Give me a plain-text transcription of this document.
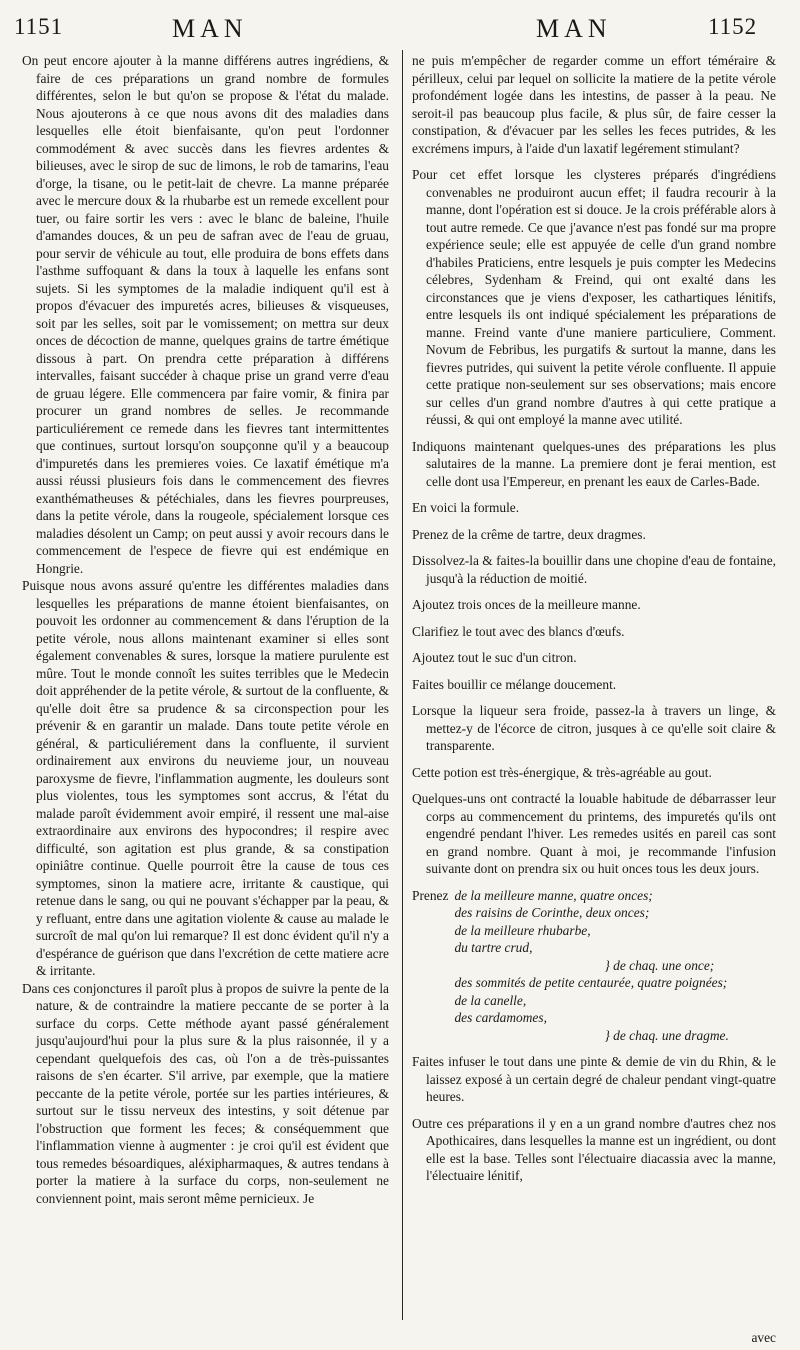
1151	MAN	MAN	1152

On peut encore ajouter à la manne différens autres ingrédiens, & faire de ces préparations un grand nombre de formules différentes, selon le but qu'on se propose & l'état du malade. Nous ajouterons à ce que nous avons dit des maladies dans lesquelles elle étoit bienfaisante, qu'on peut l'ordonner commodément & avec succès dans les fievres ardentes & bilieuses, avec le sirop de suc de limons, le rob de tamarins, l'eau d'orge, la tisane, ou le petit-lait de chevre. La manne préparée avec le mercure doux & la rhubarbe est un remede excellent pour tuer, ou faire sortir les vers : avec le blanc de baleine, l'huile d'amandes douces, & un peu de safran avec de l'eau de gruau, pour servir de véhicule au tout, elle produira de bons effets dans l'asthme suffoquant & dans la toux à laquelle les enfans sont sujets. Si les symptomes de la maladie indiquent qu'il est à propos d'évacuer des impuretés acres, bilieuses & visqueuses, soit par les selles, soit par le vomissement; on mettra sur deux onces de décoction de manne, quelques grains de tartre émétique dissous à part. On prendra cette préparation à différens intervalles, faisant succéder à chaque prise un grand verre d'eau de gruau légere. Elle commencera par faire vomir, & finira par procurer un grand nombres de selles. Je recommande particuliérement ce remede dans les fievres tant intermittentes que continues, surtout lorsqu'on soupçonne qu'il y a beaucoup d'impuretés dans les premieres voies. Ce laxatif émétique m'a aussi réussi plusieurs fois dans le commencement des fievres exanthématheuses & pétéchiales, dans les fievres pourpreuses, dans la petite vérole, dans la rougeole, spécialement lorsque ces maladies désolent un Camp; on peut aussi y avoir recours dans le commencement de l'espece de fievre qui est endémique en Hongrie.

Puisque nous avons assuré qu'entre les différentes maladies dans lesquelles les préparations de manne étoient bienfaisantes, on pouvoit les ordonner au commencement & dans l'éruption de la petite vérole, nous allons maintenant examiner si elles sont également convenables & sures, lorsque la matiere purulente est mûre. Tout le monde connoît les suites terribles que le Medecin doit appréhender de la petite vérole, & surtout de la confluente, & qu'elle doit être sa prudence & sa circonspection pour les prévenir & en garantir un malade. Dans toute petite vérole en général, & particuliérement dans la confluente, il survient ordinairement aux environs du neuvieme jour, un nouveau paroxysme de fievre, l'inflammation augmente, les douleurs sont plus violentes, tous les symptomes sont accrus, & l'état du malade paroît évidemment avoir empiré, il ressent une mal-aise extraordinaire aux environs des hypocondres; il respire avec difficulté, son agitation est plus grande, & sa constipation opiniâtre continue. Quelle pourroit être la cause de tous ces symptomes, sinon la matiere acre, irritante & caustique, qui retenue dans le sang, ou qui ne pouvant s'échapper par la peau, & y refluant, entre dans une agitation violente & cause au malade le surcroît de mal qu'on lui remarque? Il est donc évident qu'il n'y a d'espérance de guérison que dans l'excrétion de cette matiere acre & irritante.

Dans ces conjonctures il paroît plus à propos de suivre la pente de la nature, & de contraindre la matiere peccante de se porter à la surface du corps. Cette méthode ayant passé généralement jusqu'aujourd'hui pour la plus sure & la plus raisonnée, il y a cependant quelquefois des cas, où l'on a de très-puissantes raisons de s'en écarter. S'il arrive, par exemple, que la matiere peccante de la petite vérole, portée sur les parties intérieures, & surtout sur le tissu nerveux des intestins, y soit détenue par l'obstruction que forment les feces; & conséquemment que l'inflammation vienne à augmenter : je croi qu'il est évident que tous remedes bésoardiques, aléxipharmaques, & autres tendans à porter la matiere à la surface du corps, non-seulement ne conviennent point, mais seront même pernicieux. Je

ne puis m'empêcher de regarder comme un effort téméraire & périlleux, celui par lequel on sollicite la matiere de la petite vérole profondément logée dans les intestins, de passer à la peau. Ne seroit-il pas beaucoup plus facile, & plus sûr, de faire cesser la constipation, & d'évacuer par les selles les feces putrides, & les excrémens impurs, à l'aide d'un laxatif legérement stimulant?

Pour cet effet lorsque les clysteres préparés d'ingrédiens convenables ne produiront aucun effet; il faudra recourir à la manne, dont l'opération est si douce. Je la crois préférable alors à tout autre remede. Ce que j'avance n'est pas fondé sur ma propre expérience seule; elle est appuyée de celle d'un grand nombre d'habiles Praticiens, entre lesquels je puis compter les Medecins célebres, Sydenham & Freind, qui ont exalté dans les circonstances que je viens d'exposer, les cathartiques lénitifs, entre lesquels ils ont indiqué spécialement les préparations de manne. Freind vante d'une maniere particuliere, Comment. Novum de Febribus, les purgatifs & surtout la manne, dans les fievres putrides, qui suivent la petite vérole confluente. Il appuie cette pratique non-seulement sur ses observations; mais encore sur celles d'un grand nombre d'autres à qui cette pratique a réussi, & qui ont employé la manne avec utilité.

Indiquons maintenant quelques-unes des préparations les plus salutaires de la manne. La premiere dont je ferai mention, est celle dont usa l'Empereur, en prenant les eaux de Carles-Bade.

En voici la formule.

Prenez de la crême de tartre, deux dragmes.

Dissolvez-la & faites-la bouillir dans une chopine d'eau de fontaine, jusqu'à la réduction de moitié.

Ajoutez trois onces de la meilleure manne.

Clarifiez le tout avec des blancs d'œufs.

Ajoutez tout le suc d'un citron.

Faites bouillir ce mélange doucement.

Lorsque la liqueur sera froide, passez-la à travers un linge, & mettez-y de l'écorce de citron, jusques à ce qu'elle soit claire & transparente.

Cette potion est très-énergique, & très-agréable au gout.

Quelques-uns ont contracté la louable habitude de débarrasser leur corps au commencement du printems, des impuretés qu'ils ont engendré pendant l'hiver. Les remedes usités en pareil cas sont en grand nombre. Quant à moi, je recommande l'infusion suivante dont on prendra six ou huit onces tous les deux jours.

Prenez de la meilleure manne, quatre onces;
des raisins de Corinthe, deux onces;
de la meilleure rhubarbe,
du tartre crud,
} de chaq. une once;
des sommités de petite centaurée, quatre poignées;
de la canelle,
des cardamomes,
} de chaq. une dragme.

Faites infuser le tout dans une pinte & demie de vin du Rhin, & le laissez exposé à un certain degré de chaleur pendant vingt-quatre heures.

Outre ces préparations il y en a un grand nombre d'autres chez nos Apothicaires, dans lesquelles la manne est un ingrédient, ou dont elle est la base. Telles sont l'électuaire diacassia avec la manne, l'électuaire lénitif,

avec
